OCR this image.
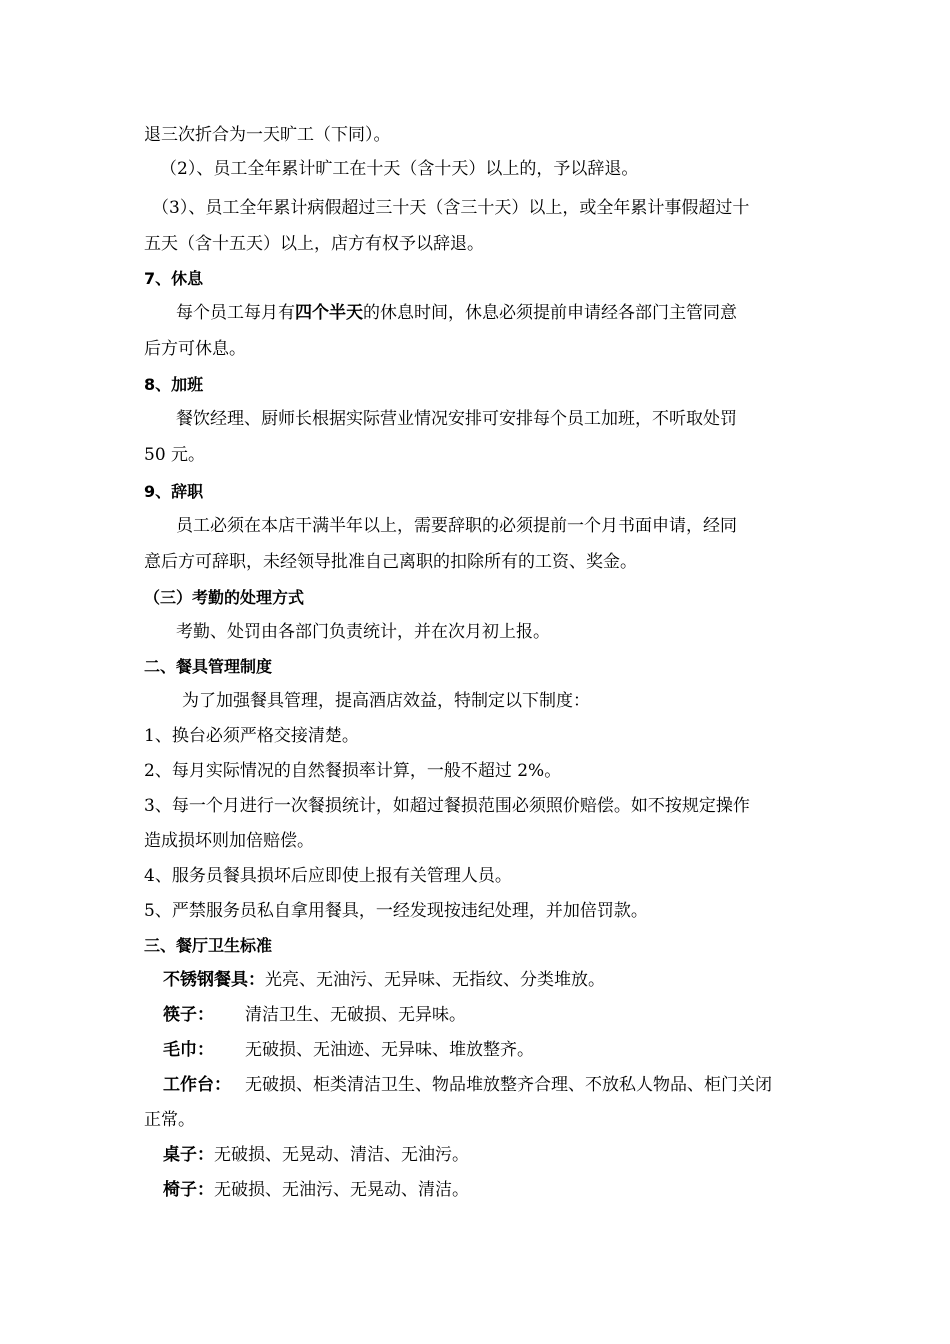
退三次折合为一天旷工（下同）。
（2）、员工全年累计旷工在十天（含十天）以上的，予以辞退。
（3）、员工全年累计病假超过三十天（含三十天）以上，或全年累计事假超过十
五天（含十五天）以上，店方有权予以辞退。
7、休息
每个员工每月有四个半天的休息时间，休息必须提前申请经各部门主管同意
后方可休息。
8、加班
餐饮经理、厨师长根据实际营业情况安排可安排每个员工加班，不听取处罚
50 元。
9、辞职
员工必须在本店干满半年以上，需要辞职的必须提前一个月书面申请，经同
意后方可辞职，未经领导批准自己离职的扣除所有的工资、奖金。
（三）考勤的处理方式
考勤、处罚由各部门负责统计，并在次月初上报。
二、餐具管理制度
为了加强餐具管理，提高酒店效益，特制定以下制度：
1、换台必须严格交接清楚。
2、每月实际情况的自然餐损率计算，一般不超过 2%。
3、每一个月进行一次餐损统计，如超过餐损范围必须照价赔偿。如不按规定操作
造成损坏则加倍赔偿。
4、服务员餐具损坏后应即使上报有关管理人员。
5、严禁服务员私自拿用餐具，一经发现按违纪处理，并加倍罚款。
三、餐厅卫生标准
不锈钢餐具：光亮、无油污、无异味、无指纹、分类堆放。
筷子： 清洁卫生、无破损、无异味。
毛巾： 无破损、无油迹、无异味、堆放整齐。
工作台： 无破损、柜类清洁卫生、物品堆放整齐合理、不放私人物品、柜门关闭
正常。
桌子：无破损、无晃动、清洁、无油污。
椅子：无破损、无油污、无晃动、清洁。
